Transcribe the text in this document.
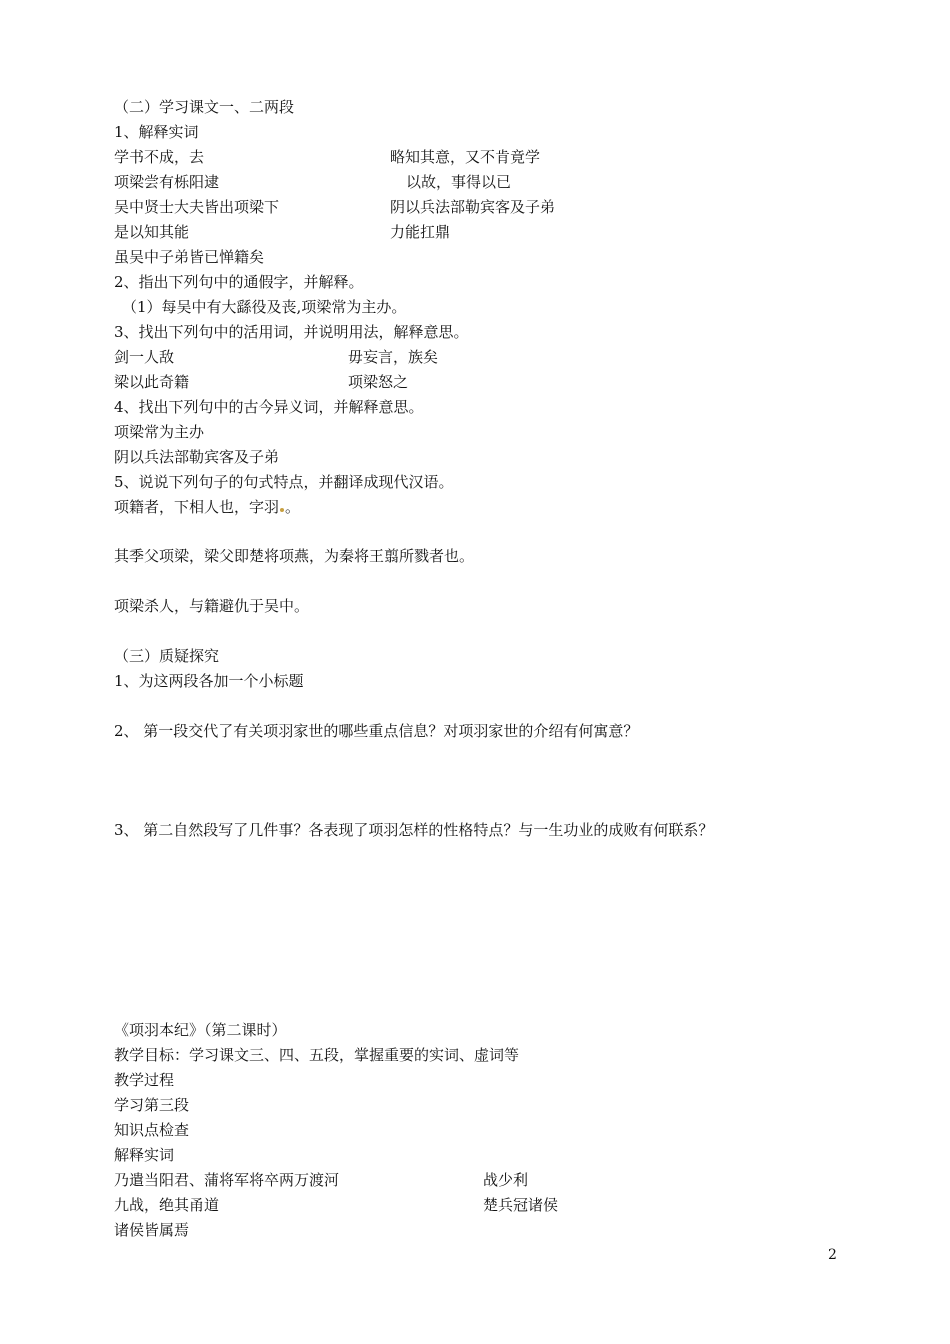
（二）学习课文一、二两段
1、解释实词
学书不成，去	略知其意，又不肯竟学
项梁尝有栎阳逮	以故，事得以已
吴中贤士大夫皆出项梁下	阴以兵法部勒宾客及子弟
是以知其能	力能扛鼎
虽吴中子弟皆已惮籍矣
2、指出下列句中的通假字，并解释。
（1）每吴中有大繇役及丧,项梁常为主办。
3、找出下列句中的活用词，并说明用法，解释意思。
剑一人敌	毋妄言，族矣
梁以此奇籍	项梁怒之
4、找出下列句中的古今异义词，并解释意思。
项梁常为主办
阴以兵法部勒宾客及子弟
5、说说下列句子的句式特点，并翻译成现代汉语。
项籍者，下相人也，字羽 。
其季父项梁，梁父即楚将项燕，为秦将王翦所戮者也。
项梁杀人，与籍避仇于吴中。
（三）质疑探究
1、为这两段各加一个小标题
2、 第一段交代了有关项羽家世的哪些重点信息？对项羽家世的介绍有何寓意？
3、 第二自然段写了几件事？各表现了项羽怎样的性格特点？与一生功业的成败有何联系？
《项羽本纪》（第二课时）
教学目标：学习课文三、四、五段，掌握重要的实词、虚词等
教学过程
学习第三段
知识点检查
解释实词
乃遣当阳君、蒲将军将卒两万渡河	战少利
九战，绝其甬道	楚兵冠诸侯
诸侯皆属焉
2
